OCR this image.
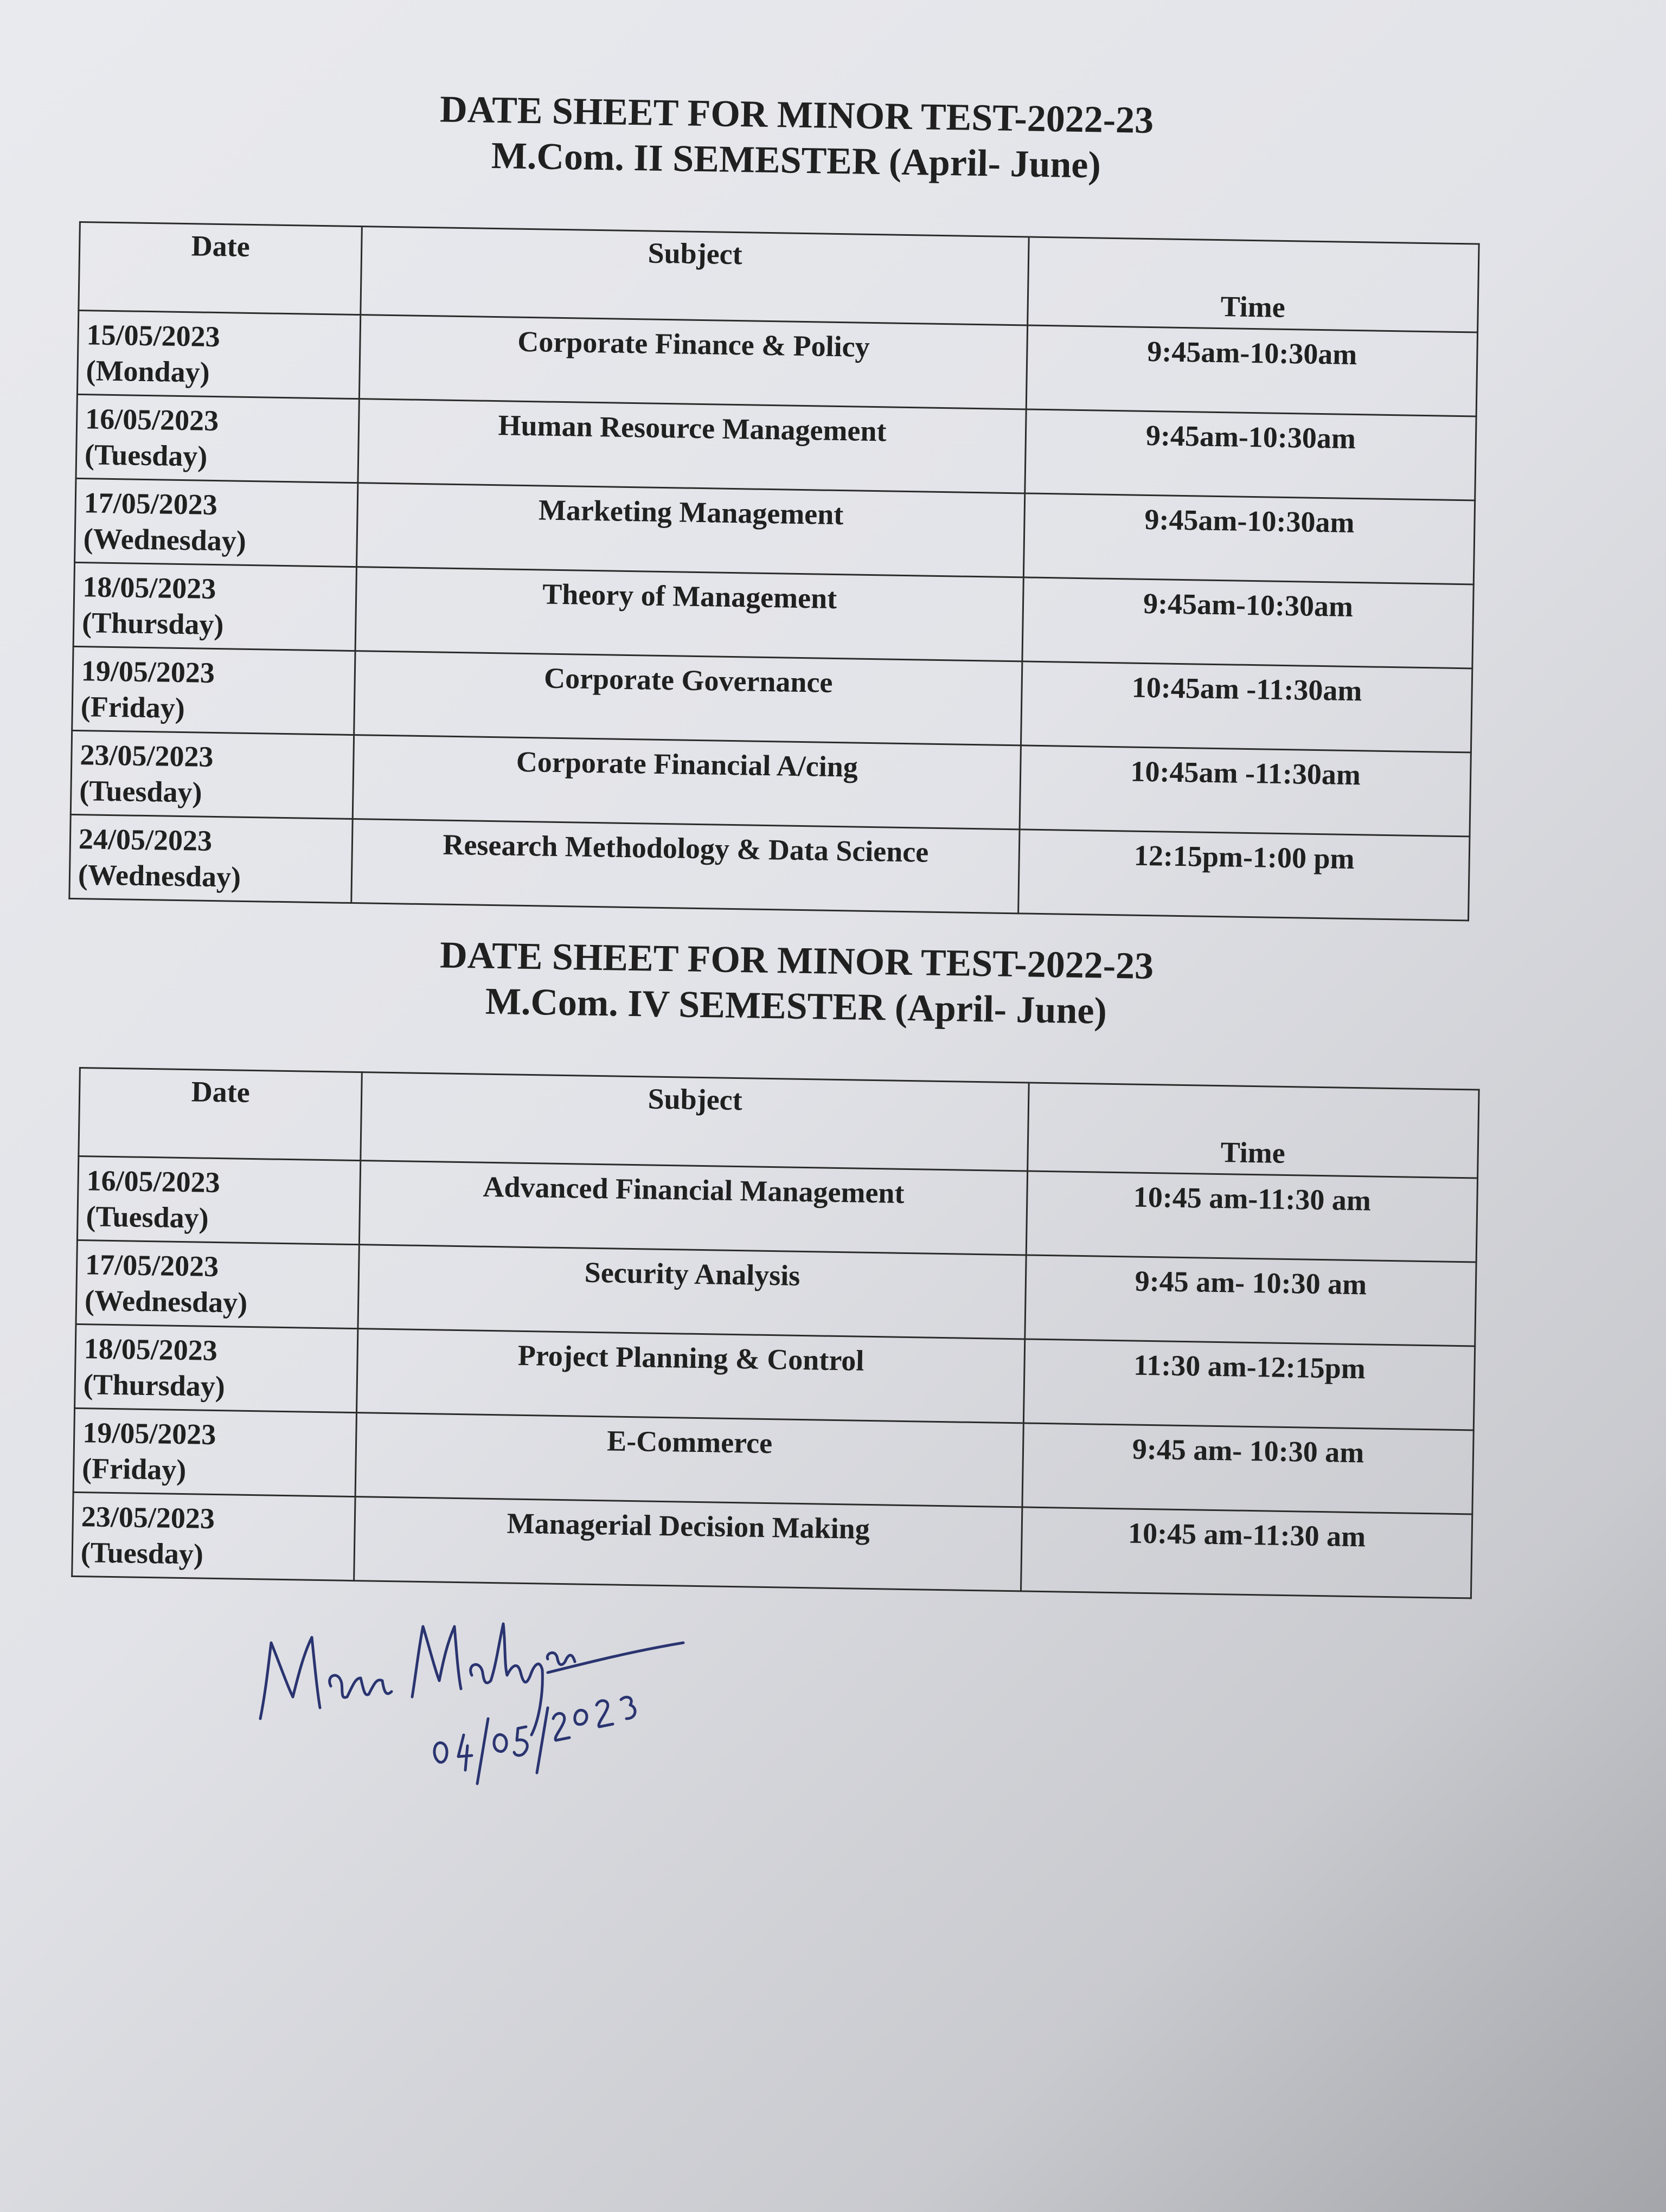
DATE SHEET FOR MINOR TEST-2022-23
M.Com. II SEMESTER (April- June)
Date	Subject	Time

15/05/2023
(Monday)	Corporate Finance & Policy	9:45am-10:30am

16/05/2023
(Tuesday)	Human Resource Management	9:45am-10:30am

17/05/2023
(Wednesday)	Marketing Management	9:45am-10:30am

18/05/2023
(Thursday)	Theory of Management	9:45am-10:30am

19/05/2023
(Friday)	Corporate Governance	10:45am -11:30am

23/05/2023
(Tuesday)	Corporate Financial A/cing	10:45am -11:30am

24/05/2023
(Wednesday)	Research Methodology & Data Science	12:15pm-1:00 pm
DATE SHEET FOR MINOR TEST-2022-23
M.Com. IV SEMESTER (April- June)
Date	Subject	Time

16/05/2023
(Tuesday)	Advanced Financial Management	10:45 am-11:30 am

17/05/2023
(Wednesday)	Security Analysis	9:45 am- 10:30 am

18/05/2023
(Thursday)	Project Planning & Control	11:30 am-12:15pm

19/05/2023
(Friday)	E-Commerce	9:45 am- 10:30 am

23/05/2023
(Tuesday)	Managerial Decision Making	10:45 am-11:30 am
